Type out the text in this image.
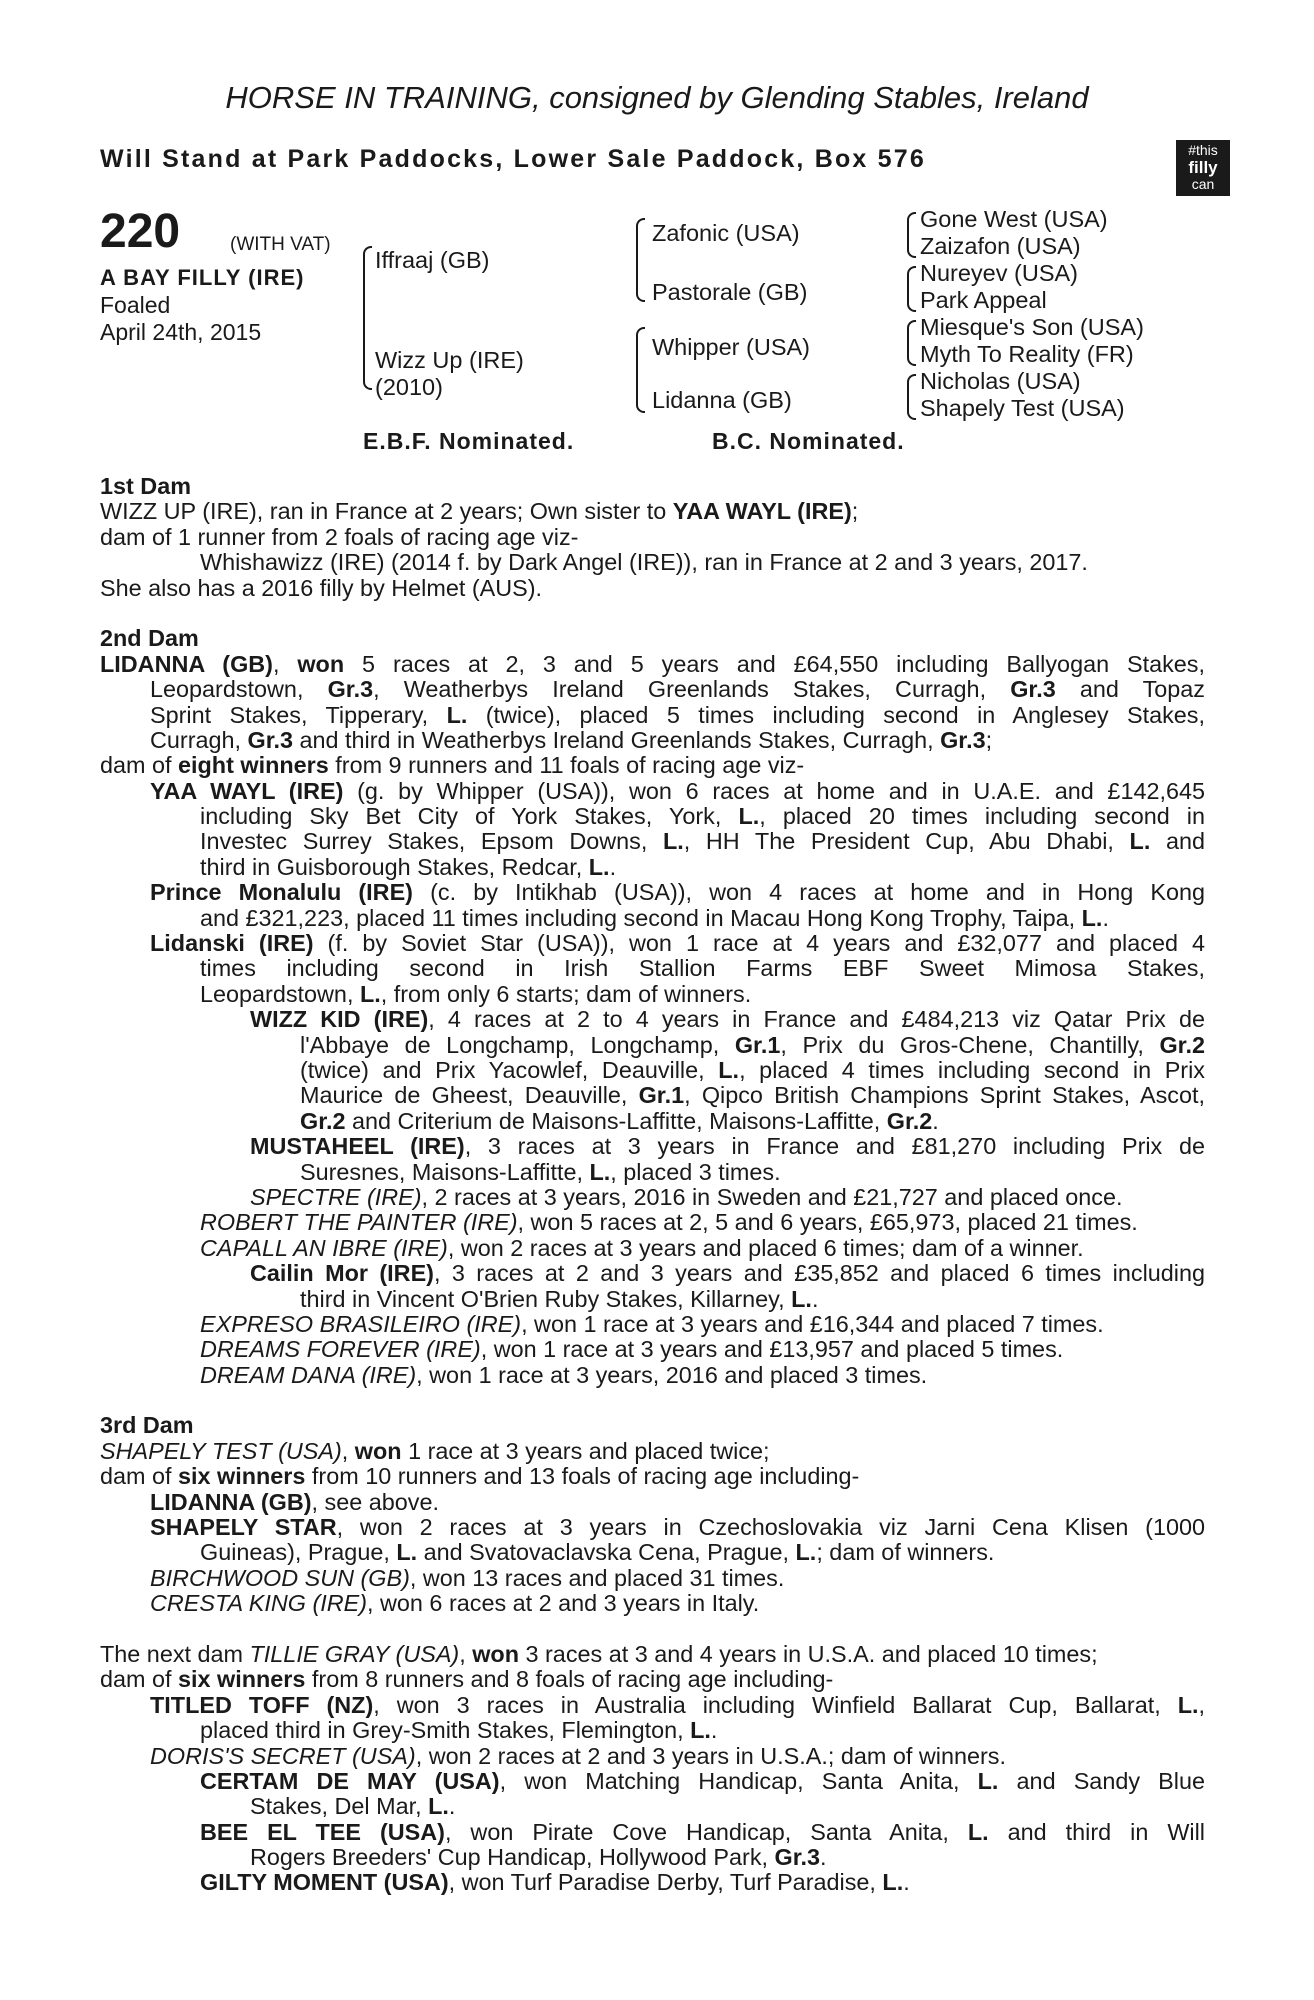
HORSE IN TRAINING, consigned by Glending Stables, Ireland
Will Stand at Park Paddocks, Lower Sale Paddock, Box 576	#this
filly
can
220	(WITH VAT)
A BAY FILLY (IRE)
Foaled
April 24th, 2015
Iffraaj (GB)
Wizz Up (IRE)
(2010)
Zafonic (USA)
Pastorale (GB)
Whipper (USA)
Lidanna (GB)
Gone West (USA)
Zaizafon (USA)
Nureyev (USA)
Park Appeal
Miesque's Son (USA)
Myth To Reality (FR)
Nicholas (USA)
Shapely Test (USA)
E.B.F. Nominated.	B.C. Nominated.
1st Dam
WIZZ UP (IRE), ran in France at 2 years; Own sister to YAA WAYL (IRE);
dam of 1 runner from 2 foals of racing age viz-
Whishawizz (IRE) (2014 f. by Dark Angel (IRE)), ran in France at 2 and 3 years, 2017.
She also has a 2016 filly by Helmet (AUS).
2nd Dam
LIDANNA (GB), won 5 races at 2, 3 and 5 years and £64,550 including Ballyogan Stakes,
Leopardstown, Gr.3, Weatherbys Ireland Greenlands Stakes, Curragh, Gr.3 and Topaz
Sprint Stakes, Tipperary, L. (twice), placed 5 times including second in Anglesey Stakes,
Curragh, Gr.3 and third in Weatherbys Ireland Greenlands Stakes, Curragh, Gr.3;
dam of eight winners from 9 runners and 11 foals of racing age viz-
YAA WAYL (IRE) (g. by Whipper (USA)), won 6 races at home and in U.A.E. and £142,645
including Sky Bet City of York Stakes, York, L., placed 20 times including second in
Investec Surrey Stakes, Epsom Downs, L., HH The President Cup, Abu Dhabi, L. and
third in Guisborough Stakes, Redcar, L..
Prince Monalulu (IRE) (c. by Intikhab (USA)), won 4 races at home and in Hong Kong
and £321,223, placed 11 times including second in Macau Hong Kong Trophy, Taipa, L..
Lidanski (IRE) (f. by Soviet Star (USA)), won 1 race at 4 years and £32,077 and placed 4
times including second in Irish Stallion Farms EBF Sweet Mimosa Stakes,
Leopardstown, L., from only 6 starts; dam of winners.
WIZZ KID (IRE), 4 races at 2 to 4 years in France and £484,213 viz Qatar Prix de
l'Abbaye de Longchamp, Longchamp, Gr.1, Prix du Gros-Chene, Chantilly, Gr.2
(twice) and Prix Yacowlef, Deauville, L., placed 4 times including second in Prix
Maurice de Gheest, Deauville, Gr.1, Qipco British Champions Sprint Stakes, Ascot,
Gr.2 and Criterium de Maisons-Laffitte, Maisons-Laffitte, Gr.2.
MUSTAHEEL (IRE), 3 races at 3 years in France and £81,270 including Prix de
Suresnes, Maisons-Laffitte, L., placed 3 times.
SPECTRE (IRE), 2 races at 3 years, 2016 in Sweden and £21,727 and placed once.
ROBERT THE PAINTER (IRE), won 5 races at 2, 5 and 6 years, £65,973, placed 21 times.
CAPALL AN IBRE (IRE), won 2 races at 3 years and placed 6 times; dam of a winner.
Cailin Mor (IRE), 3 races at 2 and 3 years and £35,852 and placed 6 times including
third in Vincent O'Brien Ruby Stakes, Killarney, L..
EXPRESO BRASILEIRO (IRE), won 1 race at 3 years and £16,344 and placed 7 times.
DREAMS FOREVER (IRE), won 1 race at 3 years and £13,957 and placed 5 times.
DREAM DANA (IRE), won 1 race at 3 years, 2016 and placed 3 times.
3rd Dam
SHAPELY TEST (USA), won 1 race at 3 years and placed twice;
dam of six winners from 10 runners and 13 foals of racing age including-
LIDANNA (GB), see above.
SHAPELY STAR, won 2 races at 3 years in Czechoslovakia viz Jarni Cena Klisen (1000
Guineas), Prague, L. and Svatovaclavska Cena, Prague, L.; dam of winners.
BIRCHWOOD SUN (GB), won 13 races and placed 31 times.
CRESTA KING (IRE), won 6 races at 2 and 3 years in Italy.
The next dam TILLIE GRAY (USA), won 3 races at 3 and 4 years in U.S.A. and placed 10 times;
dam of six winners from 8 runners and 8 foals of racing age including-
TITLED TOFF (NZ), won 3 races in Australia including Winfield Ballarat Cup, Ballarat, L.,
placed third in Grey-Smith Stakes, Flemington, L..
DORIS'S SECRET (USA), won 2 races at 2 and 3 years in U.S.A.; dam of winners.
CERTAM DE MAY (USA), won Matching Handicap, Santa Anita, L. and Sandy Blue
Stakes, Del Mar, L..
BEE EL TEE (USA), won Pirate Cove Handicap, Santa Anita, L. and third in Will
Rogers Breeders' Cup Handicap, Hollywood Park, Gr.3.
GILTY MOMENT (USA), won Turf Paradise Derby, Turf Paradise, L..
